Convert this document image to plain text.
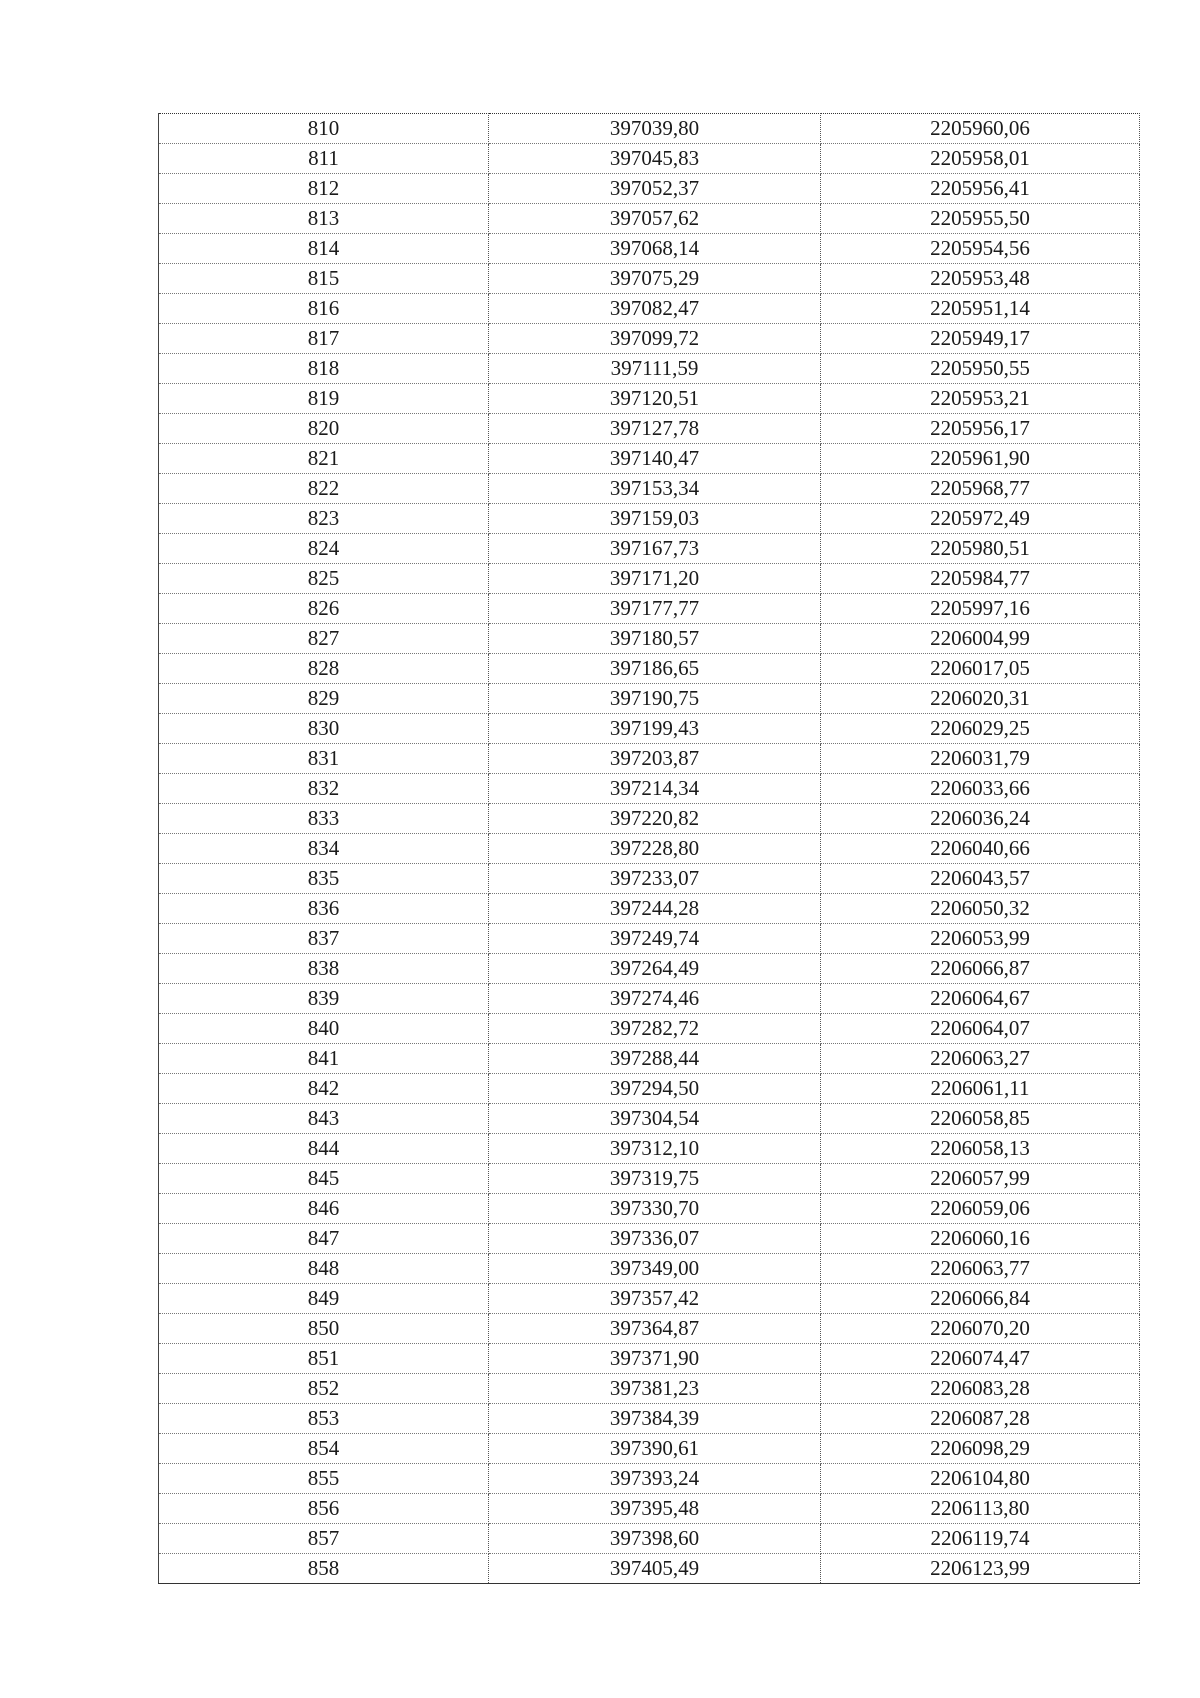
810	397039,80	2205960,06
811	397045,83	2205958,01
812	397052,37	2205956,41
813	397057,62	2205955,50
814	397068,14	2205954,56
815	397075,29	2205953,48
816	397082,47	2205951,14
817	397099,72	2205949,17
818	397111,59	2205950,55
819	397120,51	2205953,21
820	397127,78	2205956,17
821	397140,47	2205961,90
822	397153,34	2205968,77
823	397159,03	2205972,49
824	397167,73	2205980,51
825	397171,20	2205984,77
826	397177,77	2205997,16
827	397180,57	2206004,99
828	397186,65	2206017,05
829	397190,75	2206020,31
830	397199,43	2206029,25
831	397203,87	2206031,79
832	397214,34	2206033,66
833	397220,82	2206036,24
834	397228,80	2206040,66
835	397233,07	2206043,57
836	397244,28	2206050,32
837	397249,74	2206053,99
838	397264,49	2206066,87
839	397274,46	2206064,67
840	397282,72	2206064,07
841	397288,44	2206063,27
842	397294,50	2206061,11
843	397304,54	2206058,85
844	397312,10	2206058,13
845	397319,75	2206057,99
846	397330,70	2206059,06
847	397336,07	2206060,16
848	397349,00	2206063,77
849	397357,42	2206066,84
850	397364,87	2206070,20
851	397371,90	2206074,47
852	397381,23	2206083,28
853	397384,39	2206087,28
854	397390,61	2206098,29
855	397393,24	2206104,80
856	397395,48	2206113,80
857	397398,60	2206119,74
858	397405,49	2206123,99
